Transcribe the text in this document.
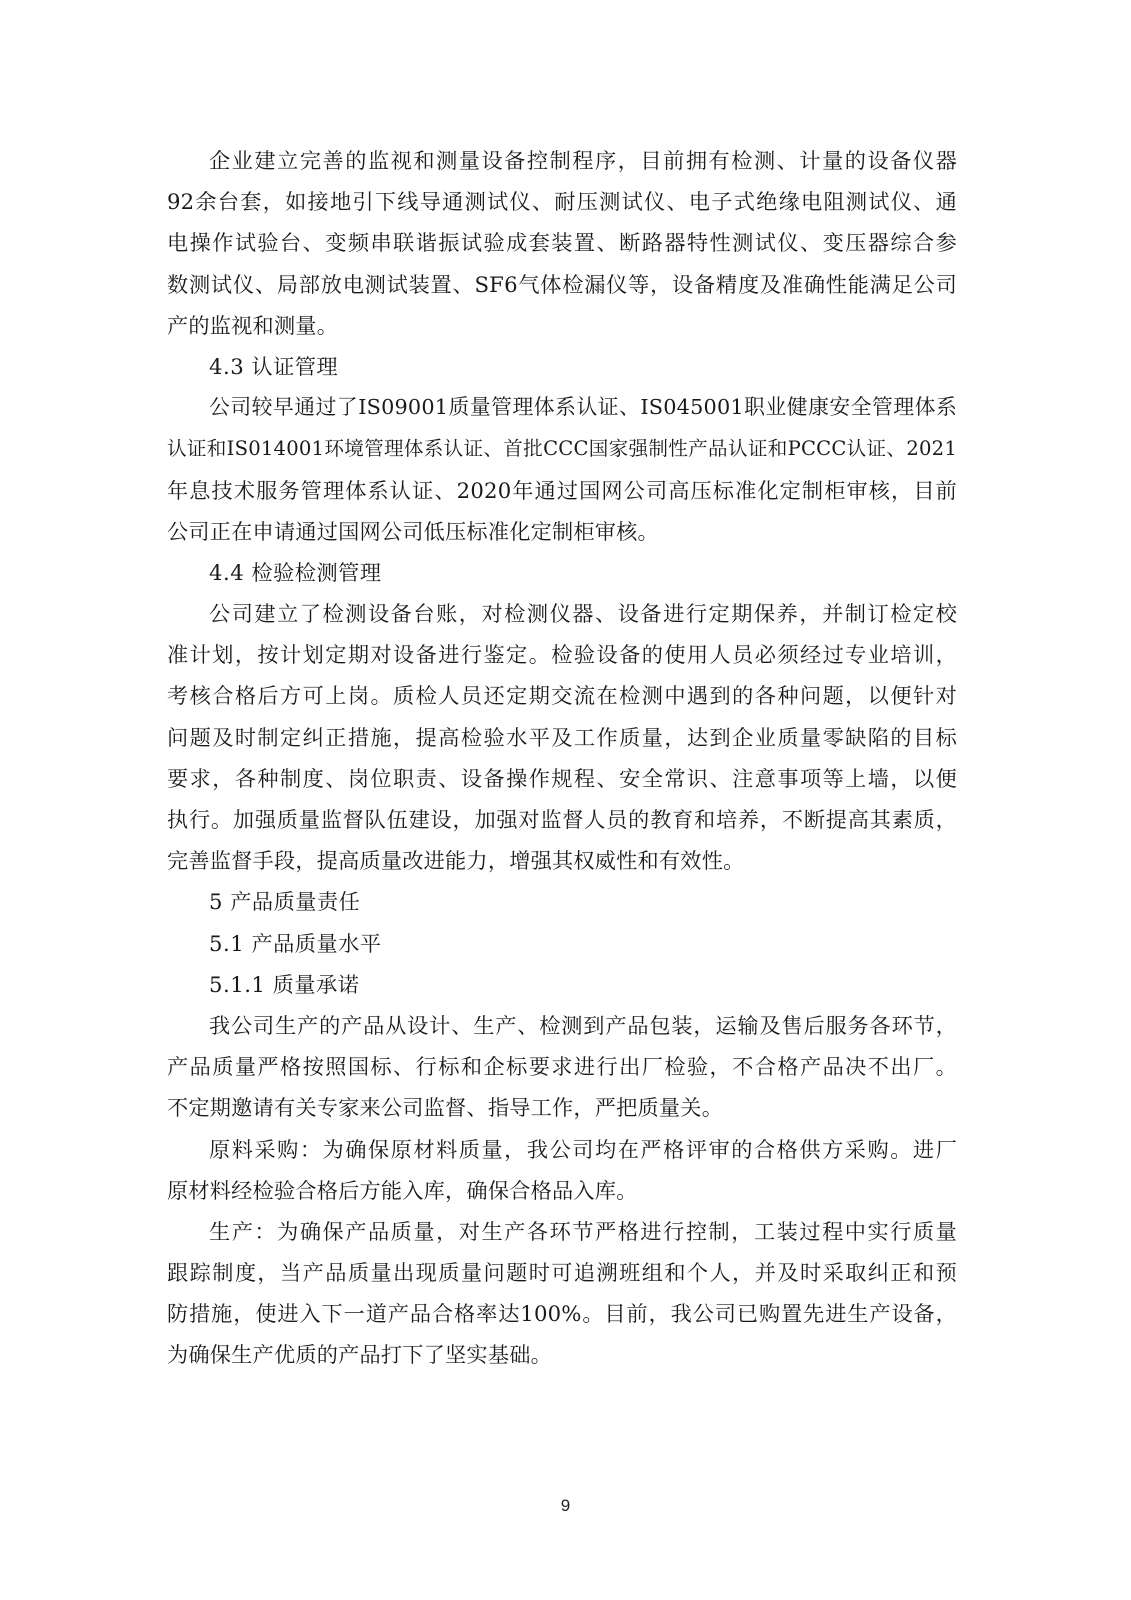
企业建立完善的监视和测量设备控制程序，目前拥有检测、计量的设备仪器
92余台套，如接地引下线导通测试仪、耐压测试仪、电子式绝缘电阻测试仪、通
电操作试验台、变频串联谐振试验成套装置、断路器特性测试仪、变压器综合参
数测试仪、局部放电测试装置、SF6气体检漏仪等，设备精度及准确性能满足公司
产的监视和测量。
4.3 认证管理
公司较早通过了IS09001质量管理体系认证、IS045001职业健康安全管理体系
认证和IS014001环境管理体系认证、首批CCC国家强制性产品认证和PCCC认证、2021
年息技术服务管理体系认证、2020年通过国网公司高压标准化定制柜审核，目前
公司正在申请通过国网公司低压标准化定制柜审核。
4.4 检验检测管理
公司建立了检测设备台账，对检测仪器、设备进行定期保养，并制订检定校
准计划，按计划定期对设备进行鉴定。检验设备的使用人员必须经过专业培训，
考核合格后方可上岗。质检人员还定期交流在检测中遇到的各种问题，以便针对
问题及时制定纠正措施，提高检验水平及工作质量，达到企业质量零缺陷的目标
要求，各种制度、岗位职责、设备操作规程、安全常识、注意事项等上墙，以便
执行。加强质量监督队伍建设，加强对监督人员的教育和培养，不断提高其素质，
完善监督手段，提高质量改进能力，增强其权威性和有效性。
5 产品质量责任
5.1 产品质量水平
5.1.1 质量承诺
我公司生产的产品从设计、生产、检测到产品包装，运输及售后服务各环节，
产品质量严格按照国标、行标和企标要求进行出厂检验，不合格产品决不出厂。
不定期邀请有关专家来公司监督、指导工作，严把质量关。
原料采购：为确保原材料质量，我公司均在严格评审的合格供方采购。进厂
原材料经检验合格后方能入库，确保合格品入库。
生产：为确保产品质量，对生产各环节严格进行控制，工装过程中实行质量
跟踪制度，当产品质量出现质量问题时可追溯班组和个人，并及时采取纠正和预
防措施，使进入下一道产品合格率达100%。目前，我公司已购置先进生产设备，
为确保生产优质的产品打下了坚实基础。
9
